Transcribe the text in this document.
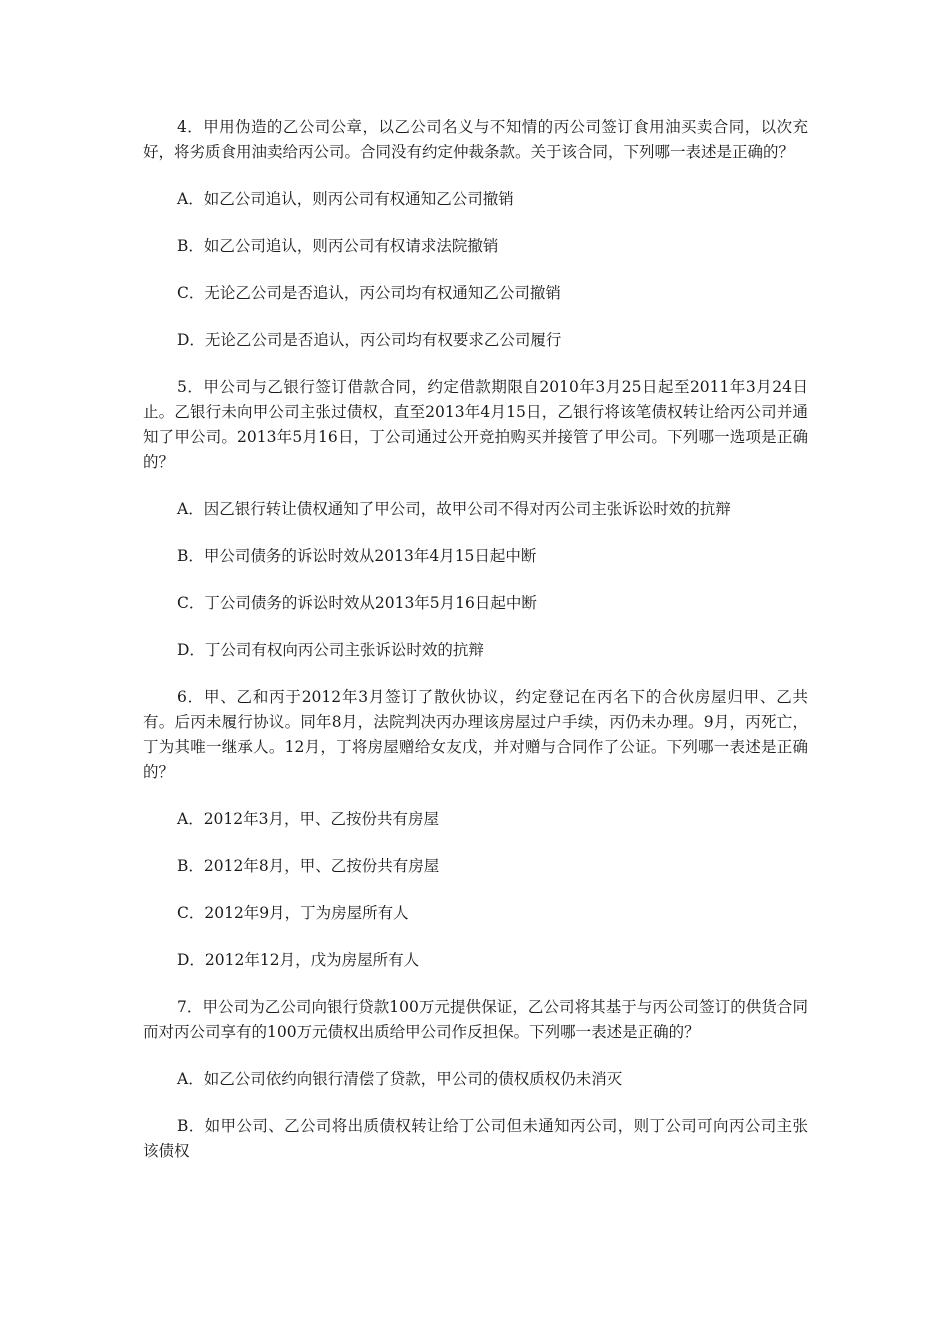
4．甲用伪造的乙公司公章，以乙公司名义与不知情的丙公司签订食用油买卖合同，以次充好，将劣质食用油卖给丙公司。合同没有约定仲裁条款。关于该合同，下列哪一表述是正确的？

A．如乙公司追认，则丙公司有权通知乙公司撤销

B．如乙公司追认，则丙公司有权请求法院撤销

C．无论乙公司是否追认，丙公司均有权通知乙公司撤销

D．无论乙公司是否追认，丙公司均有权要求乙公司履行

5．甲公司与乙银行签订借款合同，约定借款期限自2010年3月25日起至2011年3月24日止。乙银行未向甲公司主张过债权，直至2013年4月15日，乙银行将该笔债权转让给丙公司并通知了甲公司。2013年5月16日，丁公司通过公开竞拍购买并接管了甲公司。下列哪一选项是正确的？

A．因乙银行转让债权通知了甲公司，故甲公司不得对丙公司主张诉讼时效的抗辩

B．甲公司债务的诉讼时效从2013年4月15日起中断

C．丁公司债务的诉讼时效从2013年5月16日起中断

D．丁公司有权向丙公司主张诉讼时效的抗辩

6．甲、乙和丙于2012年3月签订了散伙协议，约定登记在丙名下的合伙房屋归甲、乙共有。后丙未履行协议。同年8月，法院判决丙办理该房屋过户手续，丙仍未办理。9月，丙死亡，丁为其唯一继承人。12月，丁将房屋赠给女友戊，并对赠与合同作了公证。下列哪一表述是正确的？

A．2012年3月，甲、乙按份共有房屋

B．2012年8月，甲、乙按份共有房屋

C．2012年9月，丁为房屋所有人

D．2012年12月，戊为房屋所有人

7．甲公司为乙公司向银行贷款100万元提供保证，乙公司将其基于与丙公司签订的供货合同而对丙公司享有的100万元债权出质给甲公司作反担保。下列哪一表述是正确的？

A．如乙公司依约向银行清偿了贷款，甲公司的债权质权仍未消灭

B．如甲公司、乙公司将出质债权转让给丁公司但未通知丙公司，则丁公司可向丙公司主张该债权
